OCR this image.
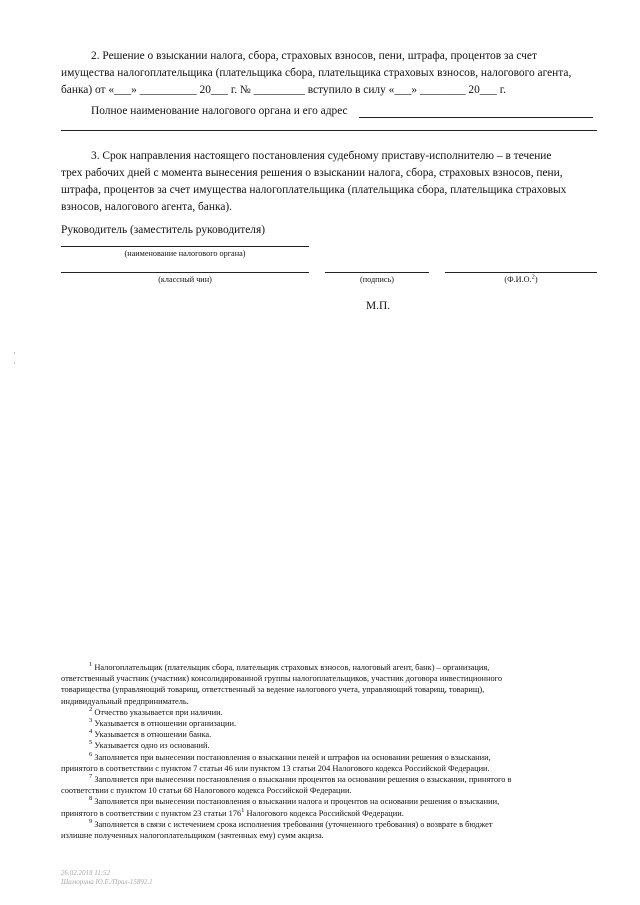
2. Решение о взыскании налога, сбора, страховых взносов, пени, штрафа, процентов за счет
имущества налогоплательщика (плательщика сбора, плательщика страховых взносов, налогового агента,
банка) от «___» __________ 20___ г. № _________ вступило в силу «___» ________ 20___ г.
Полное наименование налогового органа и его адрес
3. Срок направления настоящего постановления судебному приставу-исполнителю – в течение
трех рабочих дней с момента вынесения решения о взыскании налога, сбора, страховых взносов, пени,
штрафа, процентов за счет имущества налогоплательщика (плательщика сбора, плательщика страховых
взносов, налогового агента, банка).
Руководитель (заместитель руководителя)
(наименование налогового органа)
(классный чин)	(подпись)	(Ф.И.О.$^2$)
М.П.

$^1$ Налогоплательщик (плательщик сбора, плательщик страховых взносов, налоговый агент, банк) – организация,

ответственный участник (участник) консолидированной группы налогоплательщиков, участник договора инвестиционного

товарищества (управляющий товарищ, ответственный за ведение налогового учета, управляющий товарищ, товарищ),

индивидуальный предприниматель.

$^2$ Отчество указывается при наличии.

$^3$ Указывается в отношении организации.

$^4$ Указывается в отношении банка.

$^5$ Указывается одно из оснований.

$^6$ Заполняется при вынесении постановления о взыскании пеней и штрафов на основании решения о взыскании,

принятого в соответствии с пунктом 7 статьи 46 или пунктом 13 статьи 204 Налогового кодекса Российской Федерации.

$^7$ Заполняется при вынесении постановления о взыскании процентов на основании решения о взыскании, принятого в

соответствии с пунктом 10 статьи 68 Налогового кодекса Российской Федерации.

$^8$ Заполняется при вынесении постановления о взыскании налога и процентов на основании решения о взыскании,

принятого в соответствии с пунктом 23 статьи $176^1$ Налогового кодекса Российской Федерации.

$^9$ Заполняется в связи с истечением срока исполнения требования (уточненного требования) о возврате в бюджет

излишне полученных налогоплательщиком (зачтенных ему) сумм акциза.

26.02.2018 11:52
Шаморина Ю.Е./Прил-15892.1
